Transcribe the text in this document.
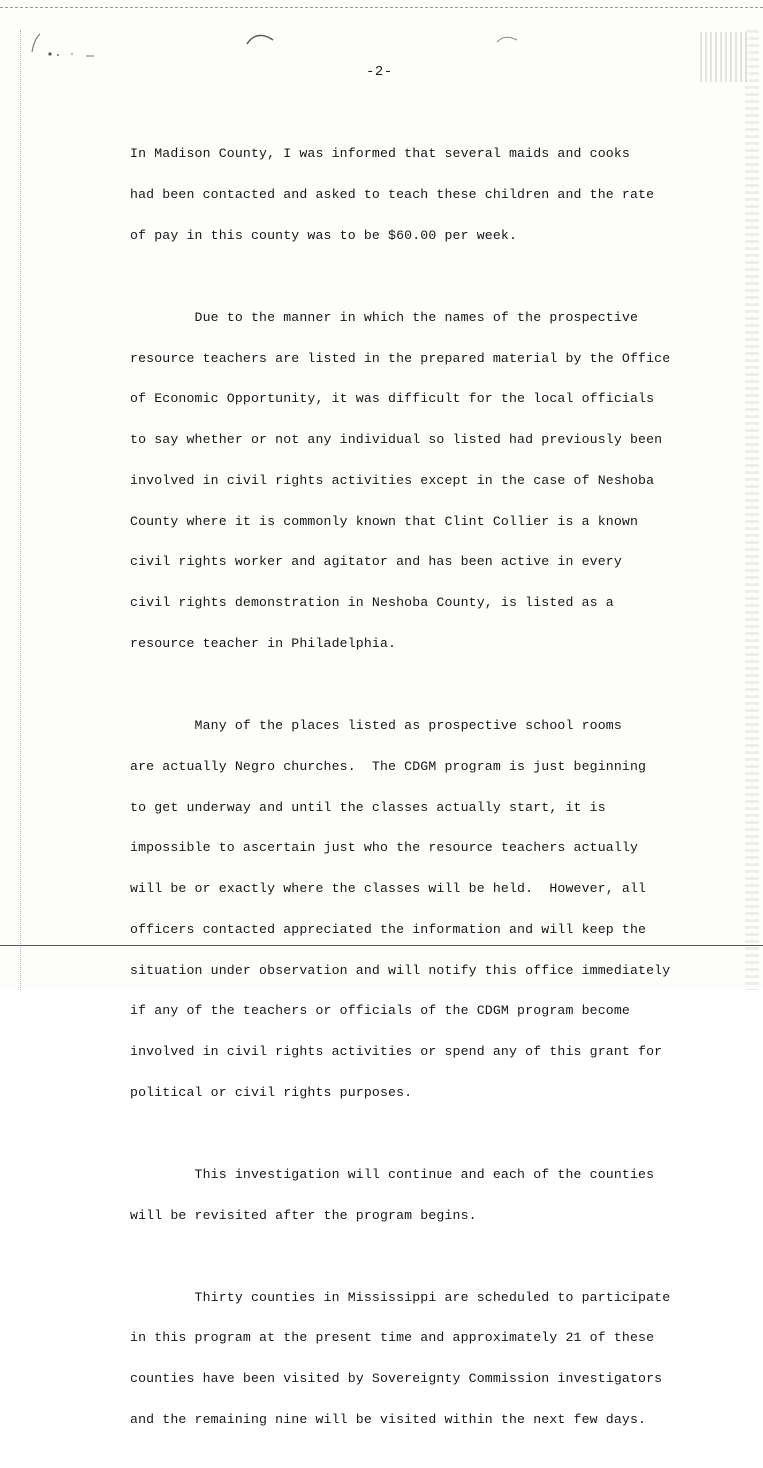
-2-

In Madison County, I was informed that several maids and cooks

had been contacted and asked to teach these children and the rate

of pay in this county was to be $60.00 per week.

Due to the manner in which the names of the prospective

resource teachers are listed in the prepared material by the Office

of Economic Opportunity, it was difficult for the local officials

to say whether or not any individual so listed had previously been

involved in civil rights activities except in the case of Neshoba

County where it is commonly known that Clint Collier is a known

civil rights worker and agitator and has been active in every

civil rights demonstration in Neshoba County, is listed as a

resource teacher in Philadelphia.

Many of the places listed as prospective school rooms

are actually Negro churches.  The CDGM program is just beginning

to get underway and until the classes actually start, it is

impossible to ascertain just who the resource teachers actually

will be or exactly where the classes will be held.  However, all

officers contacted appreciated the information and will keep the

situation under observation and will notify this office immediately

if any of the teachers or officials of the CDGM program become

involved in civil rights activities or spend any of this grant for

political or civil rights purposes.

This investigation will continue and each of the counties

will be revisited after the program begins.

Thirty counties in Mississippi are scheduled to participate

in this program at the present time and approximately 21 of these

counties have been visited by Sovereignty Commission investigators

and the remaining nine will be visited within the next few days.
